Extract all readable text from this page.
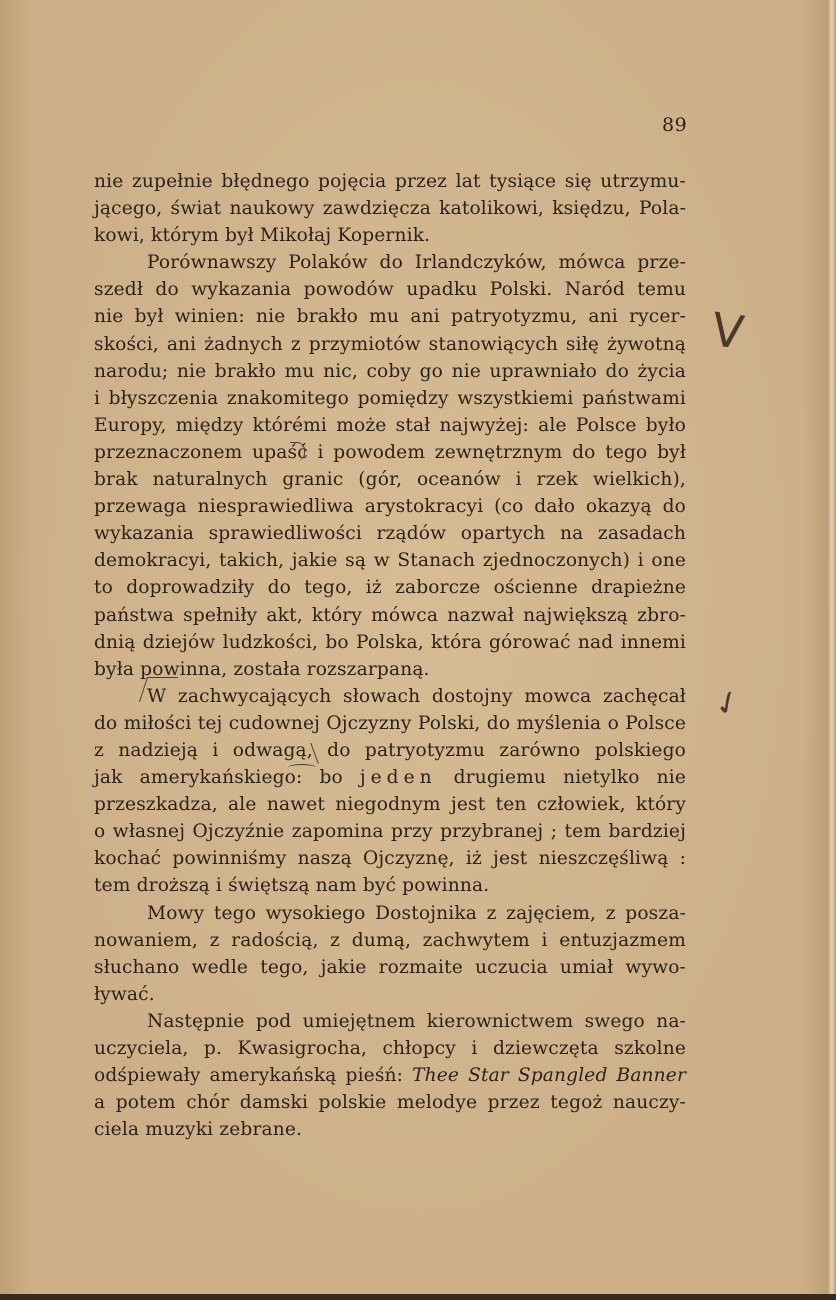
89
nie zupełnie błędnego pojęcia przez lat tysiące się utrzymu-
jącego, świat naukowy zawdzięcza katolikowi, księdzu, Pola-
kowi, którym był Mikołaj Kopernik.
Porównawszy Polaków do Irlandczyków, mówca prze-
szedł do wykazania powodów upadku Polski. Naród temu
nie był winien: nie brakło mu ani patryotyzmu, ani rycer-
skości, ani żadnych z przymiotów stanowiących siłę żywotną
narodu; nie brakło mu nic, coby go nie uprawniało do życia
i błyszczenia znakomitego pomiędzy wszystkiemi państwami
Europy, między którémi może stał najwyżej: ale Polsce było
przeznaczonem upaść i powodem zewnętrznym do tego był
brak naturalnych granic (gór, oceanów i rzek wielkich),
przewaga niesprawiedliwa arystokracyi (co dało okazyą do
wykazania sprawiedliwości rządów opartych na zasadach
demokracyi, takich, jakie są w Stanach zjednoczonych) i one
to doprowadziły do tego, iż zaborcze ościenne drapieżne
państwa spełniły akt, który mówca nazwał największą zbro-
dnią dziejów ludzkości, bo Polska, która górować nad innemi
była powinna, została rozszarpaną.
W zachwycających słowach dostojny mowca zachęcał
do miłości tej cudownej Ojczyzny Polski, do myślenia o Polsce
z nadzieją i odwagą, do patryotyzmu zarówno polskiego
jak amerykańskiego: bo jeden drugiemu nietylko nie
przeszkadza, ale nawet niegodnym jest ten człowiek, który
o własnej Ojczyźnie zapomina przy przybranej ; tem bardziej
kochać powinniśmy naszą Ojczyznę, iż jest nieszczęśliwą :
tem droższą i świętszą nam być powinna.
Mowy tego wysokiego Dostojnika z zajęciem, z posza-
nowaniem, z radością, z dumą, zachwytem i entuzjazmem
słuchano wedle tego, jakie rozmaite uczucia umiał wywo-
ływać.
Następnie pod umiejętnem kierownictwem swego na-
uczyciela, p. Kwasigrocha, chłopcy i dziewczęta szkolne
odśpiewały amerykańską pieśń: Thee Star Spangled Banner
a potem chór damski polskie melodye przez tegoż nauczy-
ciela muzyki zebrane.
V
✓
